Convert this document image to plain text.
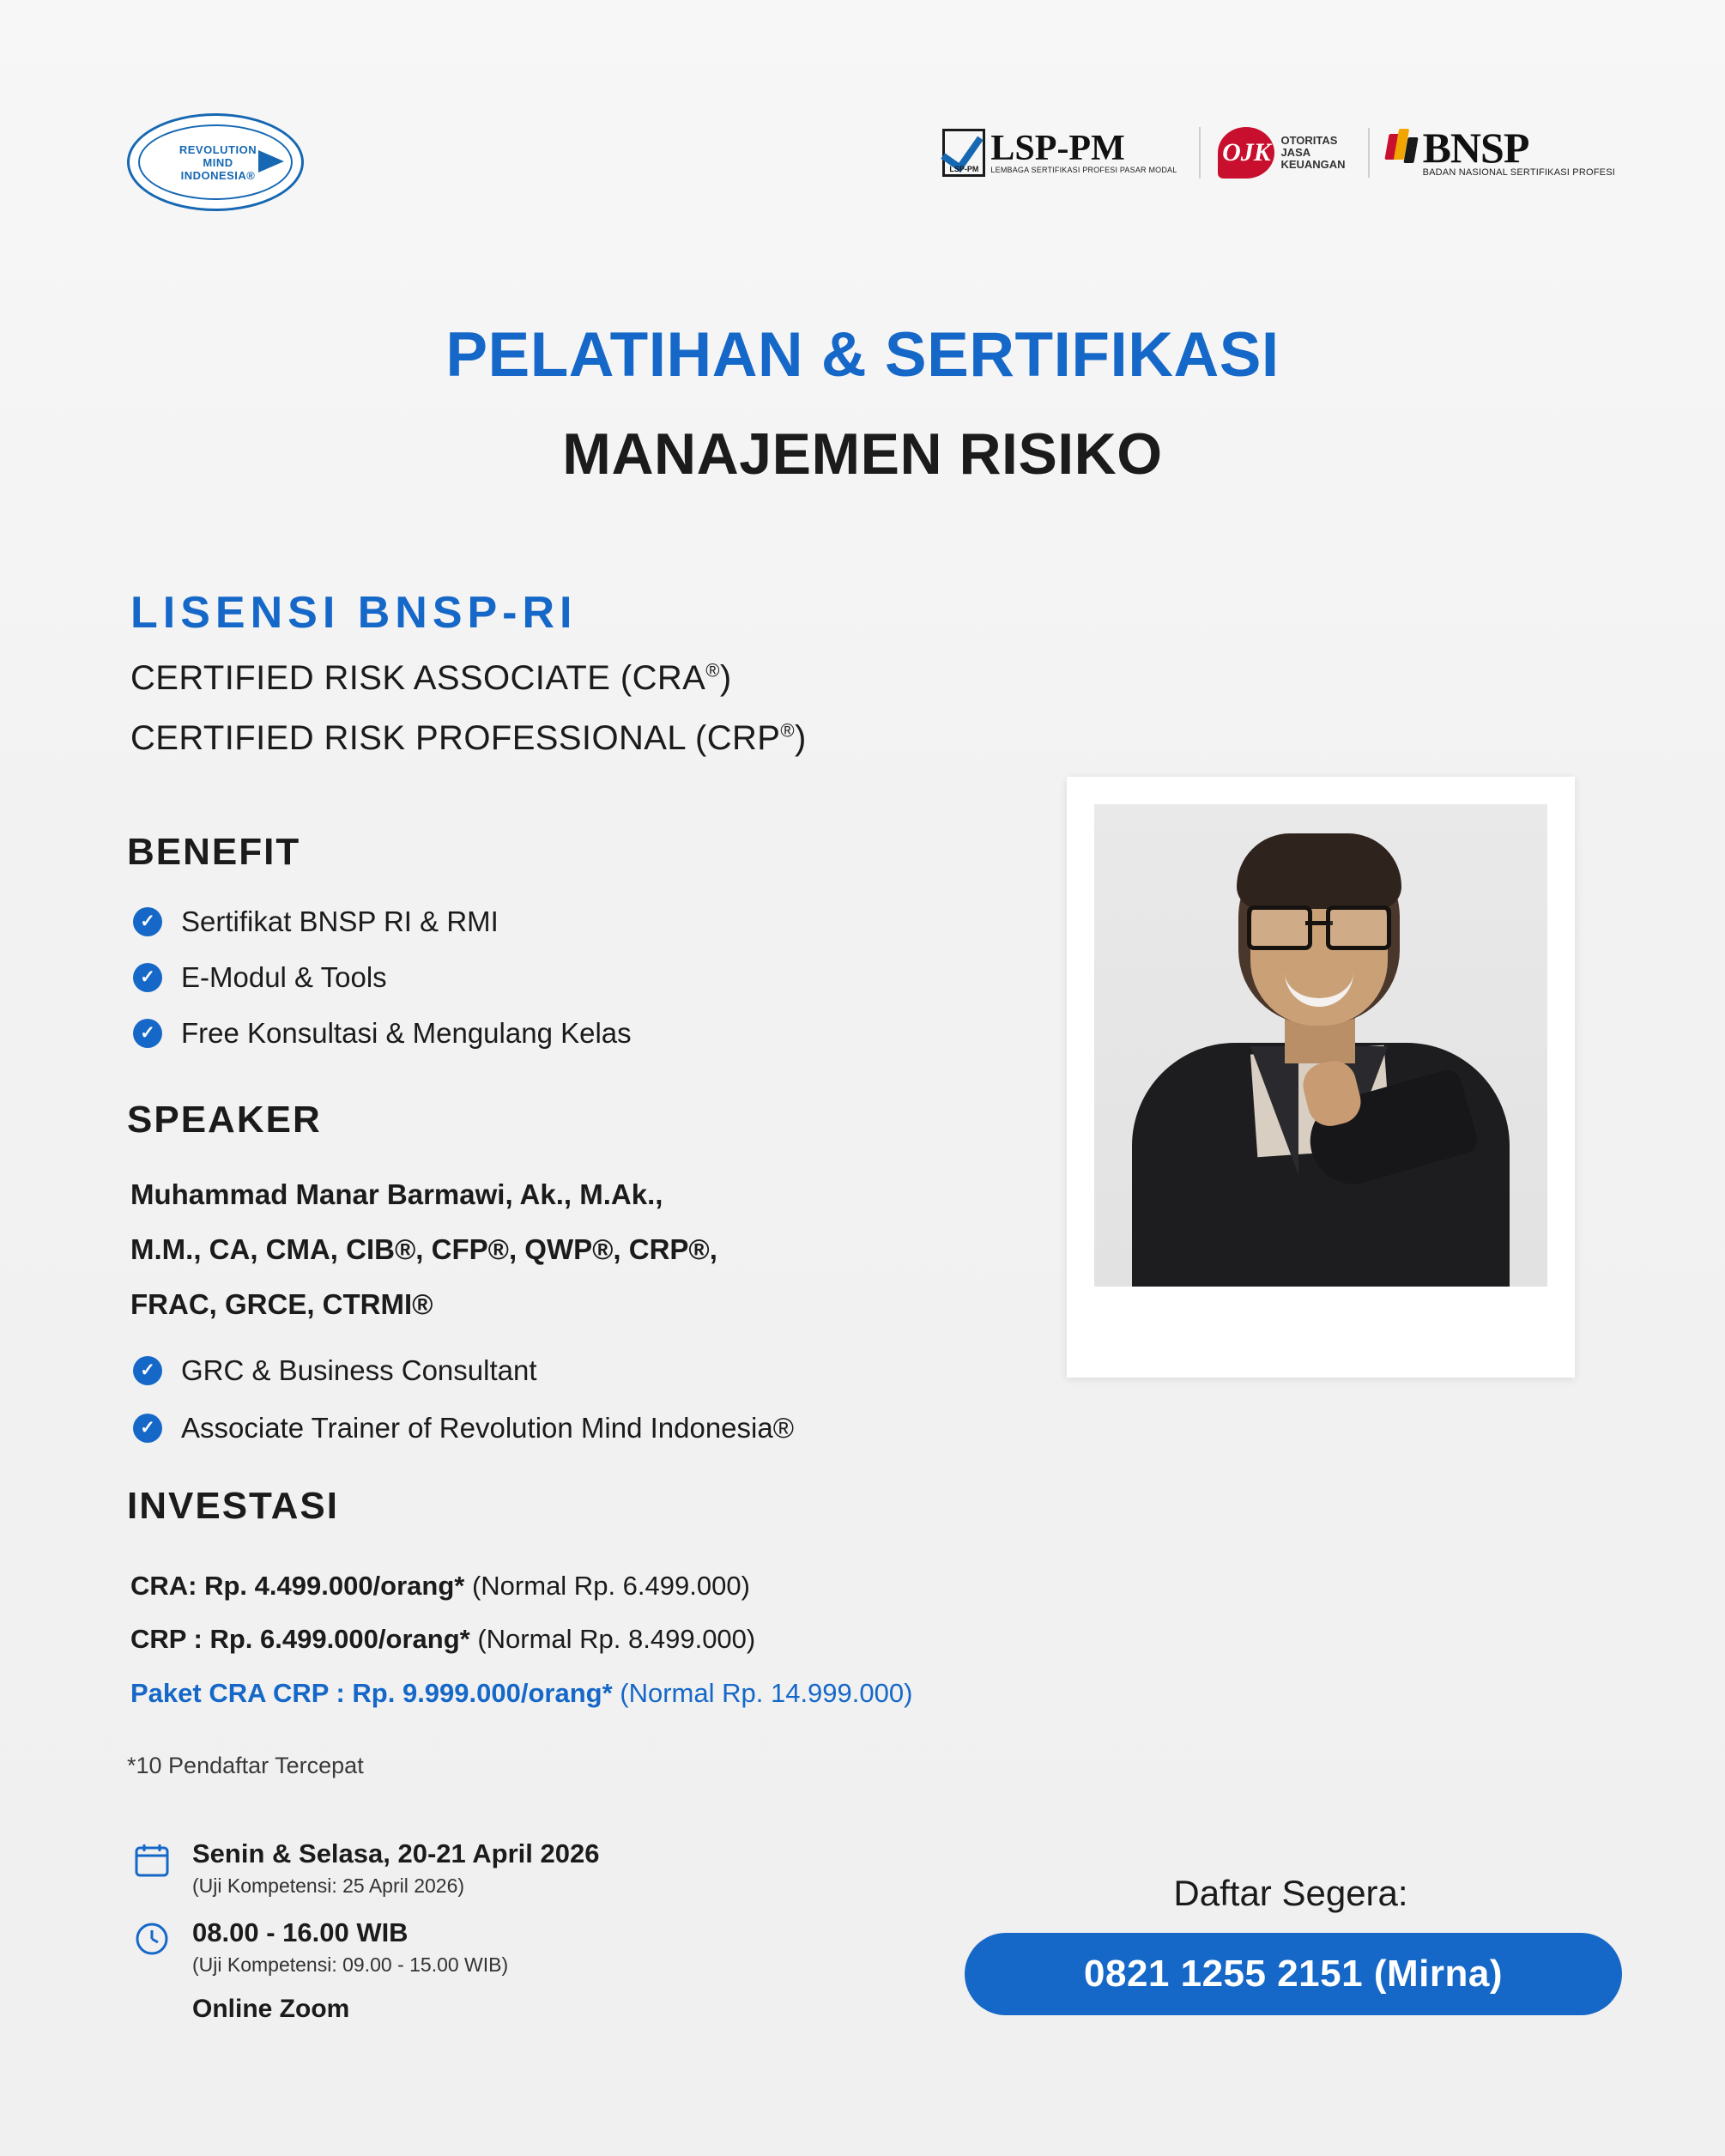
REVOLUTION
MIND
INDONESIA®	LSP-PM
LSP-PM
LEMBAGA SERTIFIKASI PROFESI PASAR MODAL
OJK OTORITAS
JASA
KEUANGAN BNSP
BADAN NASIONAL SERTIFIKASI PROFESI
PELATIHAN & SERTIFIKASI
MANAJEMEN RISIKO
LISENSI BNSP-RI
CERTIFIED RISK ASSOCIATE (CRA®)
CERTIFIED RISK PROFESSIONAL (CRP®)
BENEFIT
✓ Sertifikat BNSP RI & RMI
✓ E-Modul & Tools
✓ Free Konsultasi & Mengulang Kelas
SPEAKER
Muhammad Manar Barmawi, Ak., M.Ak.,
M.M., CA, CMA, CIB®, CFP®, QWP®, CRP®,
FRAC, GRCE, CTRMI®
✓ GRC & Business Consultant
✓ Associate Trainer of Revolution Mind Indonesia®
INVESTASI
CRA: Rp. 4.499.000/orang* (Normal Rp. 6.499.000)
CRP : Rp. 6.499.000/orang* (Normal Rp. 8.499.000)
Paket CRA CRP : Rp. 9.999.000/orang* (Normal Rp. 14.999.000)
*10 Pendaftar Tercepat
Senin & Selasa, 20-21 April 2026
(Uji Kompetensi: 25 April 2026)
08.00 - 16.00 WIB
(Uji Kompetensi: 09.00 - 15.00 WIB)
Online Zoom
Daftar Segera:
0821 1255 2151 (Mirna)
